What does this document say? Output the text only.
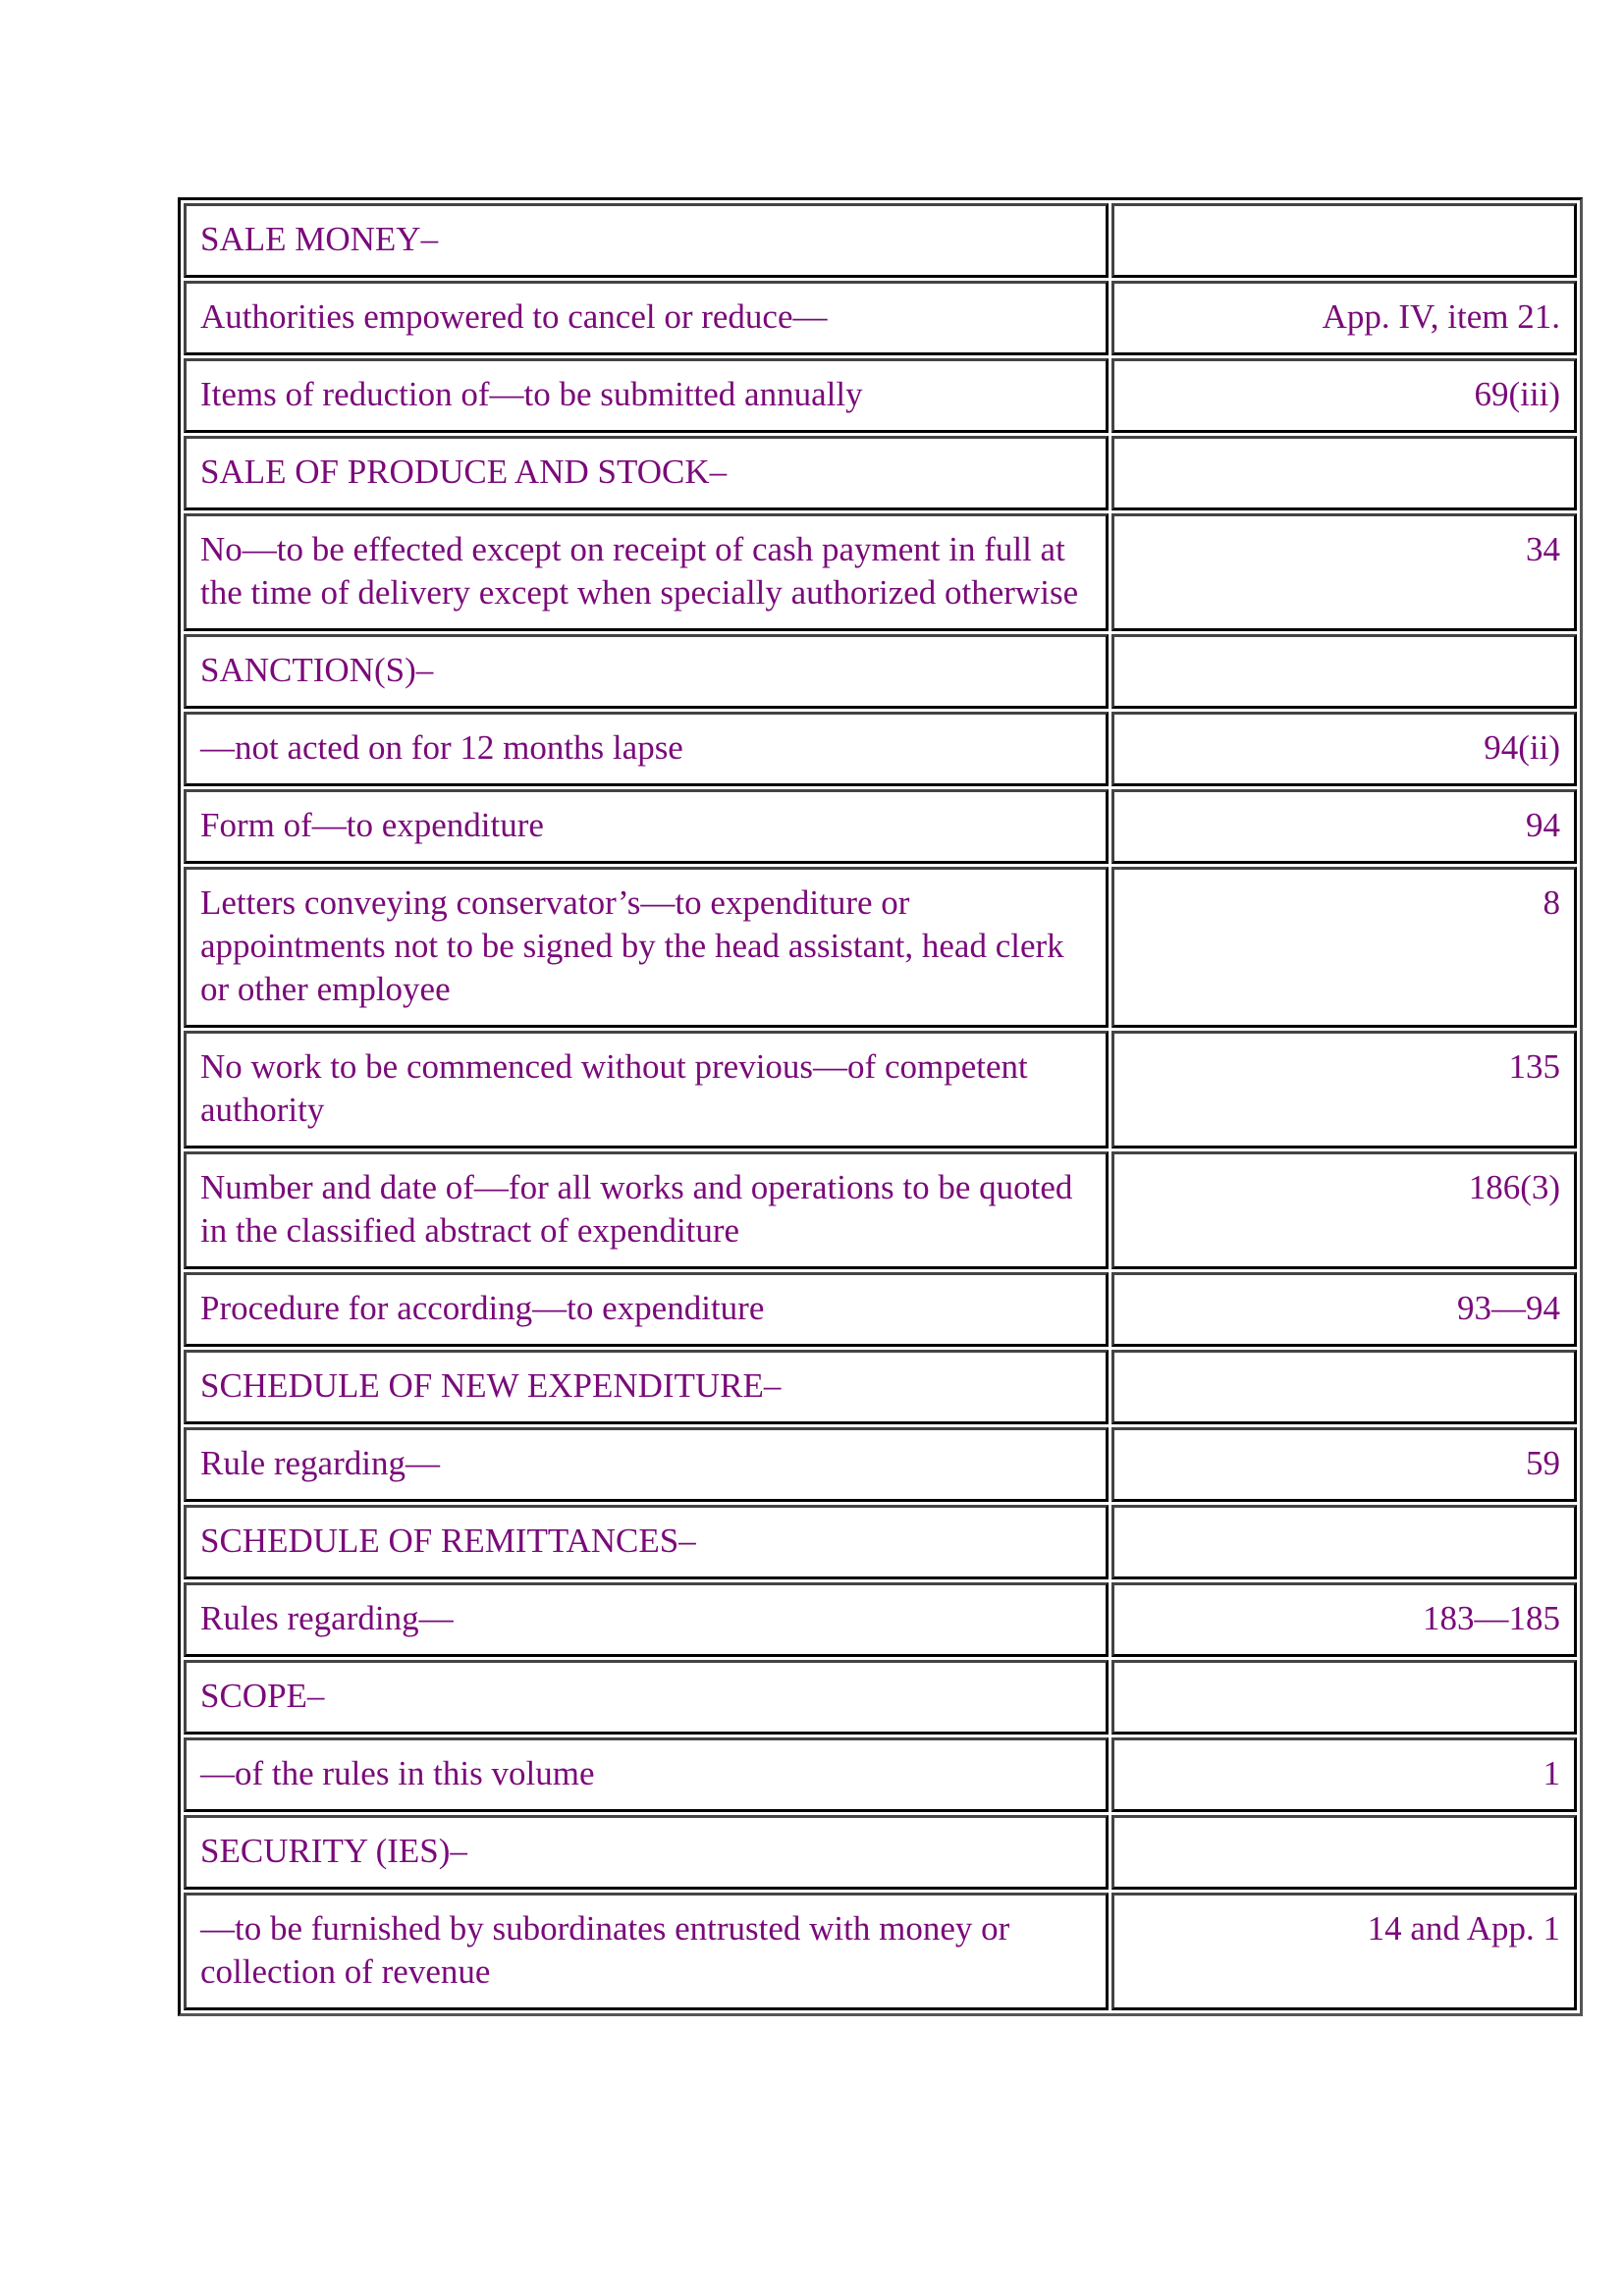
SALE MONEY–	
Authorities empowered to cancel or reduce—	App. IV, item 21.
Items of reduction of—to be submitted annually	69(iii)
SALE OF PRODUCE AND STOCK–	
No—to be effected except on receipt of cash payment in full at the time of delivery except when specially authorized otherwise	34
SANCTION(S)–	
—not acted on for 12 months lapse	94(ii)
Form of—to expenditure	94
Letters conveying conservator’s—to expenditure or appointments not to be signed by the head assistant, head clerk or other employee	8
No work to be commenced without previous—of competent authority	135
Number and date of—for all works and operations to be quoted in the classified abstract of expenditure	186(3)
Procedure for according—to expenditure	93—94
SCHEDULE OF NEW EXPENDITURE–	
Rule regarding—	59
SCHEDULE OF REMITTANCES–	
Rules regarding—	183—185
SCOPE–	
—of the rules in this volume	1
SECURITY (IES)–	
—to be furnished by subordinates entrusted with money or collection of revenue	14 and App. 1
